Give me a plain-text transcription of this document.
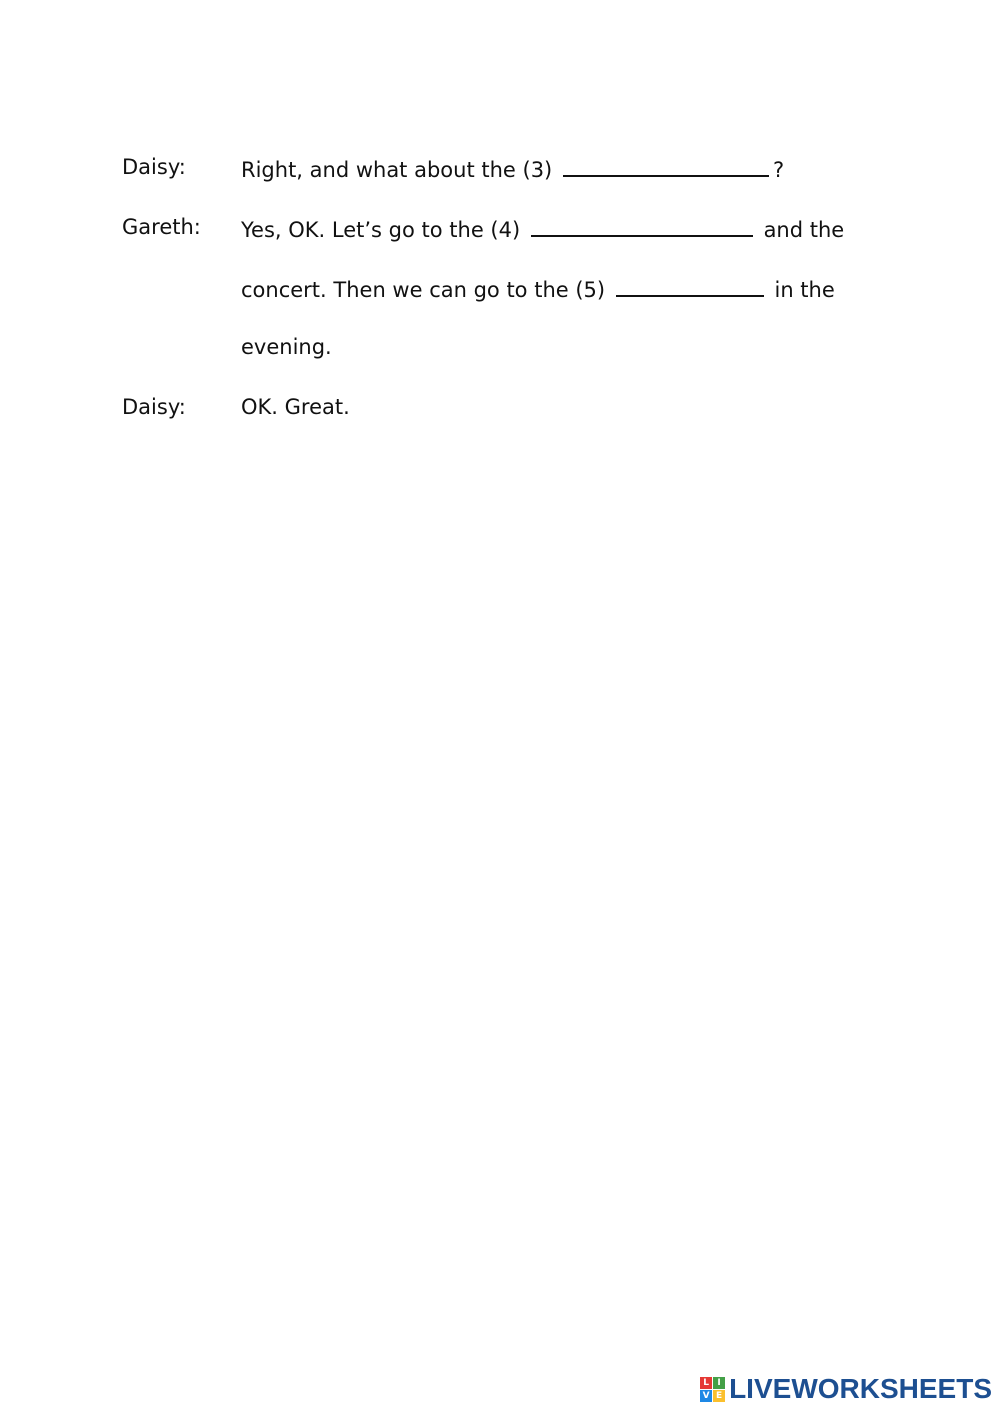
Daisy:	Right, and what about the (3)	?
Gareth: Yes, OK. Let’s go to the (4)	and the
concert. Then we can go to the (5)	in the
evening.
Daisy:	OK. Great.
L I
V E LIVEWORKSHEETS
